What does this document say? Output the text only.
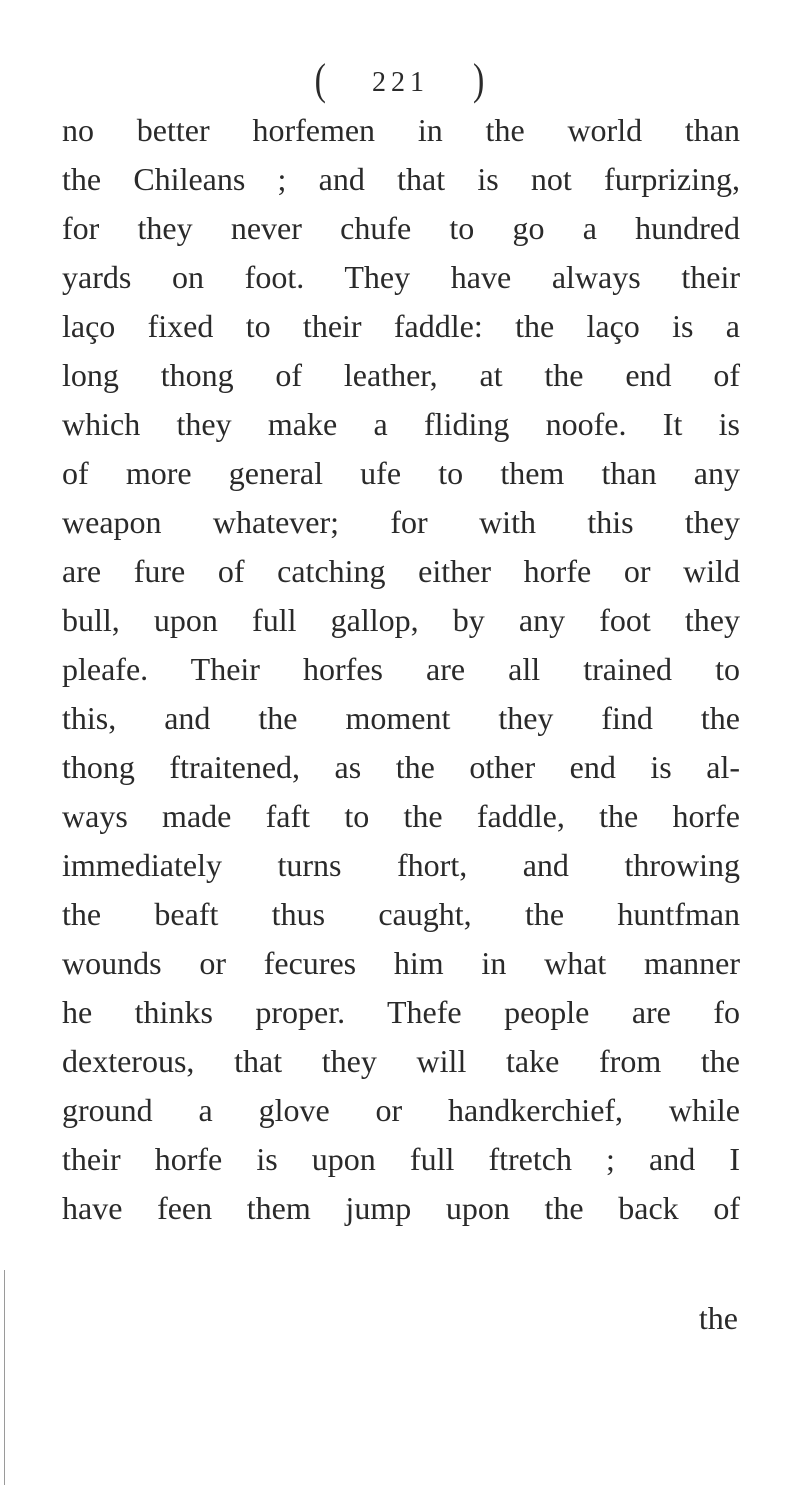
( 221 )
no better horfemen in the world than
the Chileans ; and that is not furprizing,
for they never chufe to go a hundred
yards on foot. They have always their
laço fixed to their faddle: the laço is a
long thong of leather, at the end of
which they make a fliding noofe. It is
of more general ufe to them than any
weapon whatever; for with this they
are fure of catching either horfe or wild
bull, upon full gallop, by any foot they
pleafe. Their horfes are all trained to
this, and the moment they find the
thong ftraitened, as the other end is al-
ways made faft to the faddle, the horfe
immediately turns fhort, and throwing
the beaft thus caught, the huntfman
wounds or fecures him in what manner
he thinks proper. Thefe people are fo
dexterous, that they will take from the
ground a glove or handkerchief, while
their horfe is upon full ftretch ; and I
have feen them jump upon the back of
the
